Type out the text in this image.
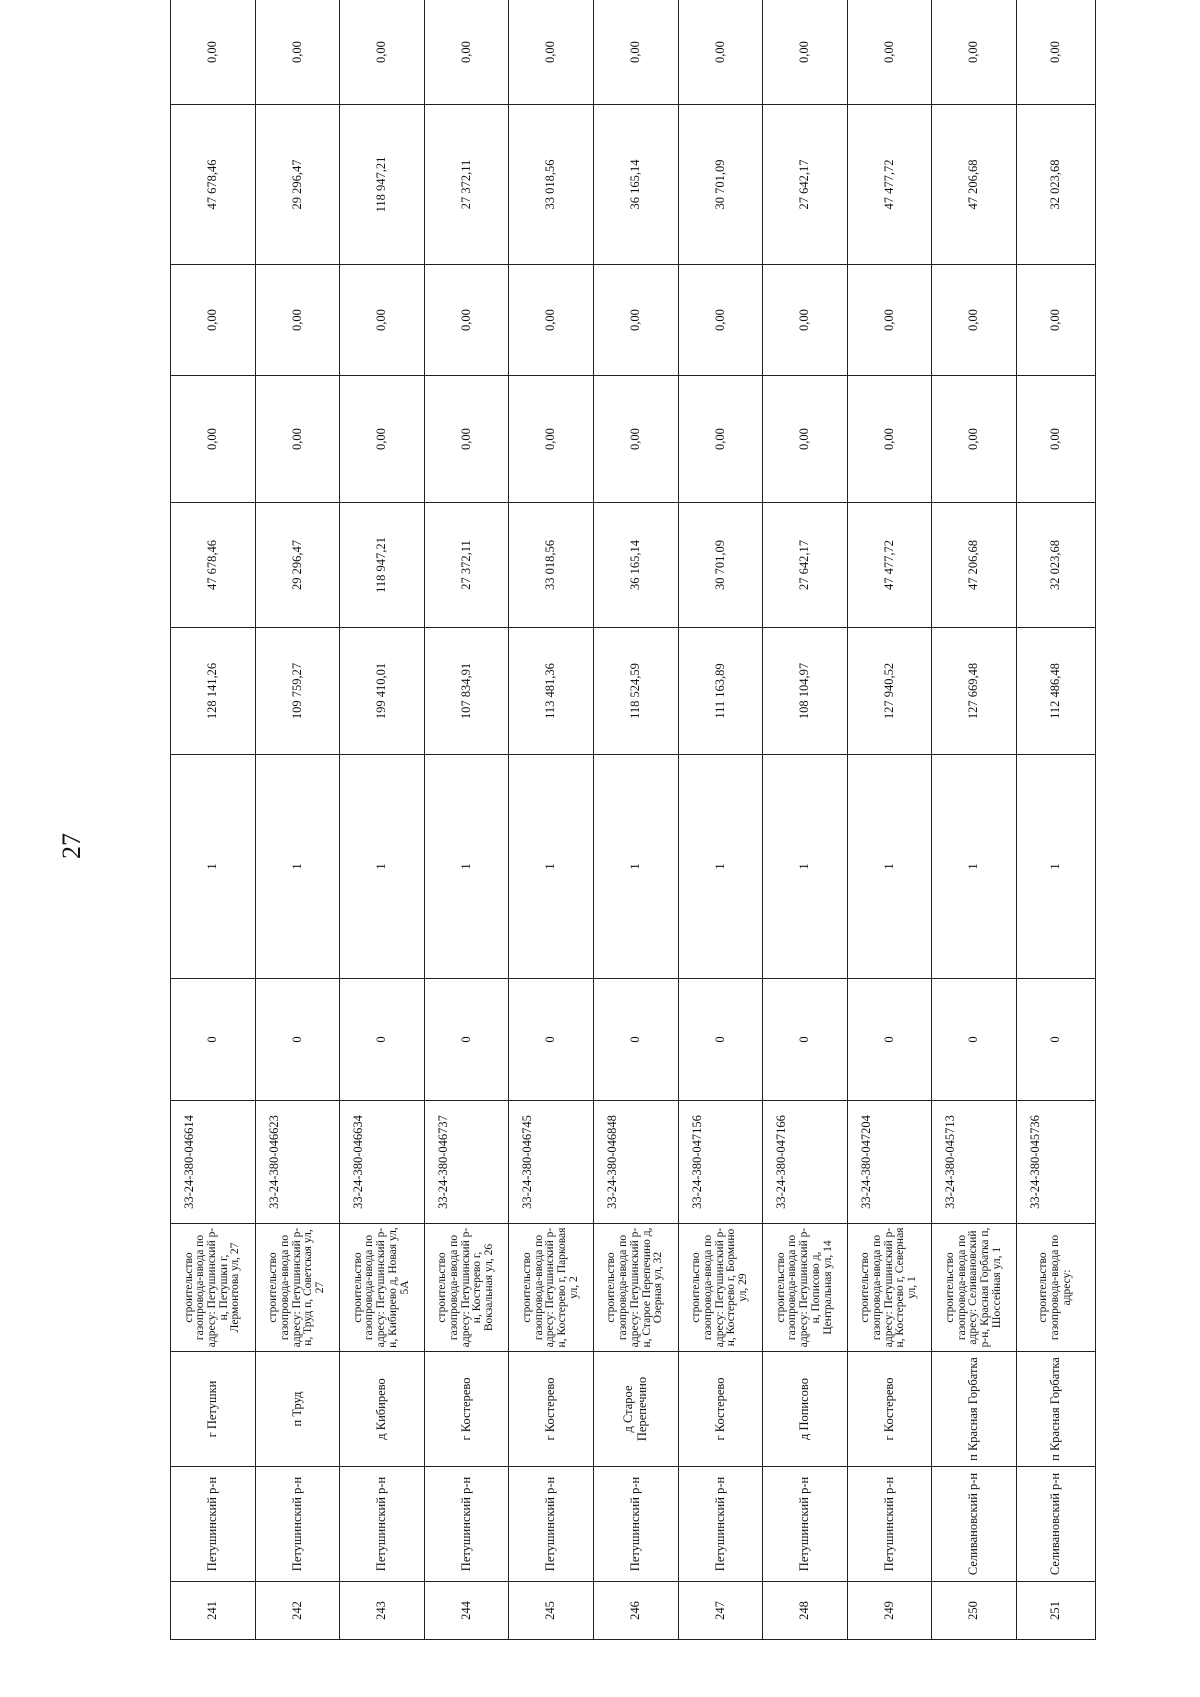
27
241	Петушинский р-н	г Петушки	строительство газопровода-ввода по адресу: Петушинский р-н, Петушки г, Лермонтова ул, 27	33-24-380-046614	0	1	128 141,26	47 678,46	0,00	0,00	47 678,46	0,00
242	Петушинский р-н	п Труд	строительство газопровода-ввода по адресу: Петушинский р-н, Труд п, Советская ул, 27	33-24-380-046623	0	1	109 759,27	29 296,47	0,00	0,00	29 296,47	0,00
243	Петушинский р-н	д Кибирево	строительство газопровода-ввода по адресу: Петушинский р-н, Кибирево д, Новая ул, 5А	33-24-380-046634	0	1	199 410,01	118 947,21	0,00	0,00	118 947,21	0,00
244	Петушинский р-н	г Костерево	строительство газопровода-ввода по адресу: Петушинский р-н, Костерево г, Вокзальная ул, 26	33-24-380-046737	0	1	107 834,91	27 372,11	0,00	0,00	27 372,11	0,00
245	Петушинский р-н	г Костерево	строительство газопровода-ввода по адресу: Петушинский р-н, Костерево г, Парковая ул, 2	33-24-380-046745	0	1	113 481,36	33 018,56	0,00	0,00	33 018,56	0,00
246	Петушинский р-н	д Старое Перепечино	строительство газопровода-ввода по адресу: Петушинский р-н, Старое Перепечино д, Озерная ул, 32	33-24-380-046848	0	1	118 524,59	36 165,14	0,00	0,00	36 165,14	0,00
247	Петушинский р-н	г Костерево	строительство газопровода-ввода по адресу: Петушинский р-н, Костерево г, Бормино ул, 29	33-24-380-047156	0	1	111 163,89	30 701,09	0,00	0,00	30 701,09	0,00
248	Петушинский р-н	д Пописово	строительство газопровода-ввода по адресу: Петушинский р-н, Пописово д, Центральная ул, 14	33-24-380-047166	0	1	108 104,97	27 642,17	0,00	0,00	27 642,17	0,00
249	Петушинский р-н	г Костерево	строительство газопровода-ввода по адресу: Петушинский р-н, Костерево г, Северная ул, 1	33-24-380-047204	0	1	127 940,52	47 477,72	0,00	0,00	47 477,72	0,00
250	Селивановский р-н	п Красная Горбатка	строительство газопровода-ввода по адресу: Селивановский р-н, Красная Горбатка п, Шоссейная ул, 1	33-24-380-045713	0	1	127 669,48	47 206,68	0,00	0,00	47 206,68	0,00
251	Селивановский р-н	п Красная Горбатка	строительство газопровода-ввода по адресу:	33-24-380-045736	0	1	112 486,48	32 023,68	0,00	0,00	32 023,68	0,00
